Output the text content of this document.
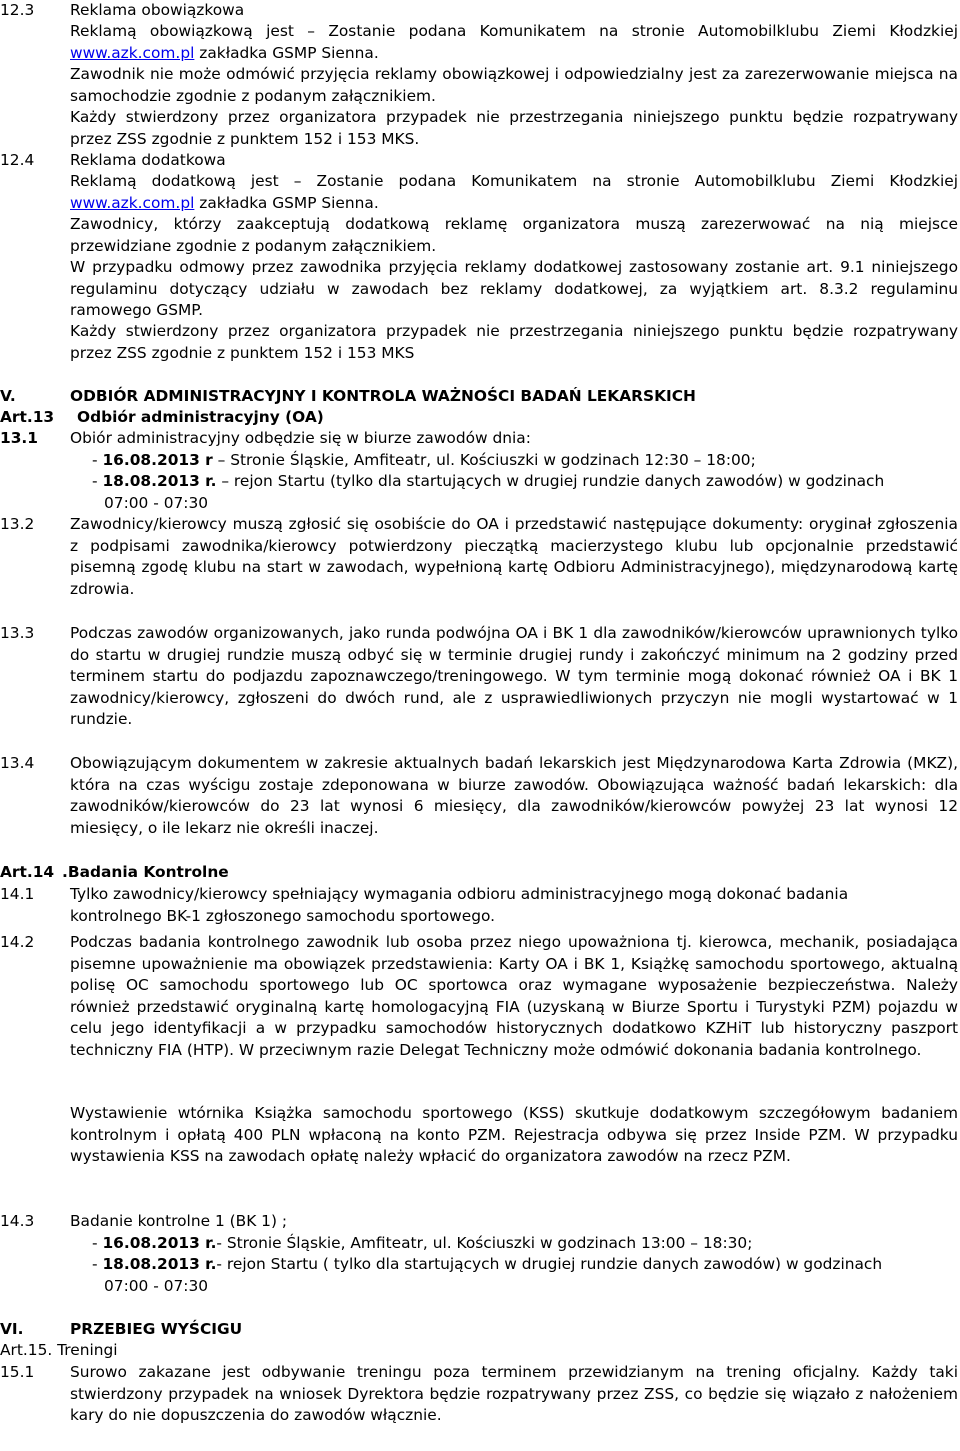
12.3 Reklama obowiązkowa
Reklamą obowiązkową jest – Zostanie podana Komunikatem na stronie Automobilklubu Ziemi Kłodzkiej www.azk.com.pl zakładka GSMP Sienna.
Zawodnik nie może odmówić przyjęcia reklamy obowiązkowej i odpowiedzialny jest za zarezerwowanie miejsca na samochodzie zgodnie z podanym załącznikiem.
Każdy stwierdzony przez organizatora przypadek nie przestrzegania niniejszego punktu będzie rozpatrywany przez ZSS zgodnie z punktem 152 i 153 MKS.
12.4 Reklama dodatkowa
Reklamą dodatkową jest – Zostanie podana Komunikatem na stronie Automobilklubu Ziemi Kłodzkiej www.azk.com.pl zakładka GSMP Sienna.
Zawodnicy, którzy zaakceptują dodatkową reklamę organizatora muszą zarezerwować na nią miejsce przewidziane zgodnie z podanym załącznikiem.
W przypadku odmowy przez zawodnika przyjęcia reklamy dodatkowej zastosowany zostanie art. 9.1 niniejszego regulaminu dotyczący udziału w zawodach bez reklamy dodatkowej, za wyjątkiem art. 8.3.2 regulaminu ramowego GSMP.
Każdy stwierdzony przez organizatora przypadek nie przestrzegania niniejszego punktu będzie rozpatrywany przez ZSS zgodnie z punktem 152 i 153 MKS
V.	ODBIÓR ADMINISTRACYJNY I KONTROLA WAŻNOŚCI BADAŃ LEKARSKICH
Art.13 Odbiór administracyjny (OA)
13.1 Obiór administracyjny odbędzie się w biurze zawodów dnia:
- 16.08.2013 r – Stronie Śląskie, Amfiteatr, ul. Kościuszki w godzinach 12:30 – 18:00;
- 18.08.2013 r. – rejon Startu (tylko dla startujących w drugiej rundzie danych zawodów) w godzinach 07:00 - 07:30
13.2 Zawodnicy/kierowcy muszą zgłosić się osobiście do OA i przedstawić następujące dokumenty: oryginał zgłoszenia z podpisami zawodnika/kierowcy potwierdzony pieczątką macierzystego klubu lub opcjonalnie przedstawić pisemną zgodę klubu na start w zawodach, wypełnioną kartę Odbioru Administracyjnego), międzynarodową kartę zdrowia.
13.3 Podczas zawodów organizowanych, jako runda podwójna OA i BK 1 dla zawodników/kierowców uprawnionych tylko do startu w drugiej rundzie muszą odbyć się w terminie drugiej rundy i zakończyć minimum na 2 godziny przed terminem startu do podjazdu zapoznawczego/treningowego. W tym terminie mogą dokonać również OA i BK 1 zawodnicy/kierowcy, zgłoszeni do dwóch rund, ale z usprawiedliwionych przyczyn nie mogli wystartować w 1 rundzie.
13.4 Obowiązującym dokumentem w zakresie aktualnych badań lekarskich jest Międzynarodowa Karta Zdrowia (MKZ), która na czas wyścigu zostaje zdeponowana w biurze zawodów. Obowiązująca ważność badań lekarskich: dla zawodników/kierowców do 23 lat wynosi 6 miesięcy, dla zawodników/kierowców powyżej 23 lat wynosi 12 miesięcy, o ile lekarz nie określi inaczej.
Art.14 .Badania Kontrolne
14.1 Tylko zawodnicy/kierowcy spełniający wymagania odbioru administracyjnego mogą dokonać badania kontrolnego BK-1 zgłoszonego samochodu sportowego.
14.2 Podczas badania kontrolnego zawodnik lub osoba przez niego upoważniona tj. kierowca, mechanik, posiadająca pisemne upoważnienie ma obowiązek przedstawienia: Karty OA i BK 1, Książkę samochodu sportowego, aktualną polisę OC samochodu sportowego lub OC sportowca oraz wymagane wyposażenie bezpieczeństwa. Należy również przedstawić oryginalną kartę homologacyjną FIA (uzyskaną w Biurze Sportu i Turystyki PZM) pojazdu w celu jego identyfikacji a w przypadku samochodów historycznych dodatkowo KZHiT lub historyczny paszport techniczny FIA (HTP). W przeciwnym razie Delegat Techniczny może odmówić dokonania badania kontrolnego.
Wystawienie wtórnika Książka samochodu sportowego (KSS) skutkuje dodatkowym szczegółowym badaniem kontrolnym i opłatą 400 PLN wpłaconą na konto PZM. Rejestracja odbywa się przez Inside PZM. W przypadku wystawienia KSS na zawodach opłatę należy wpłacić do organizatora zawodów na rzecz PZM.
14.3 Badanie kontrolne 1 (BK 1) ;
- 16.08.2013 r.- Stronie Śląskie, Amfiteatr, ul. Kościuszki w godzinach 13:00 – 18:30;
- 18.08.2013 r.- rejon Startu ( tylko dla startujących w drugiej rundzie danych zawodów) w godzinach 07:00 - 07:30
VI.	PRZEBIEG WYŚCIGU
Art.15. Treningi
15.1 Surowo zakazane jest odbywanie treningu poza terminem przewidzianym na trening oficjalny. Każdy taki stwierdzony przypadek na wniosek Dyrektora będzie rozpatrywany przez ZSS, co będzie się wiązało z nałożeniem kary do nie dopuszczenia do zawodów włącznie.
